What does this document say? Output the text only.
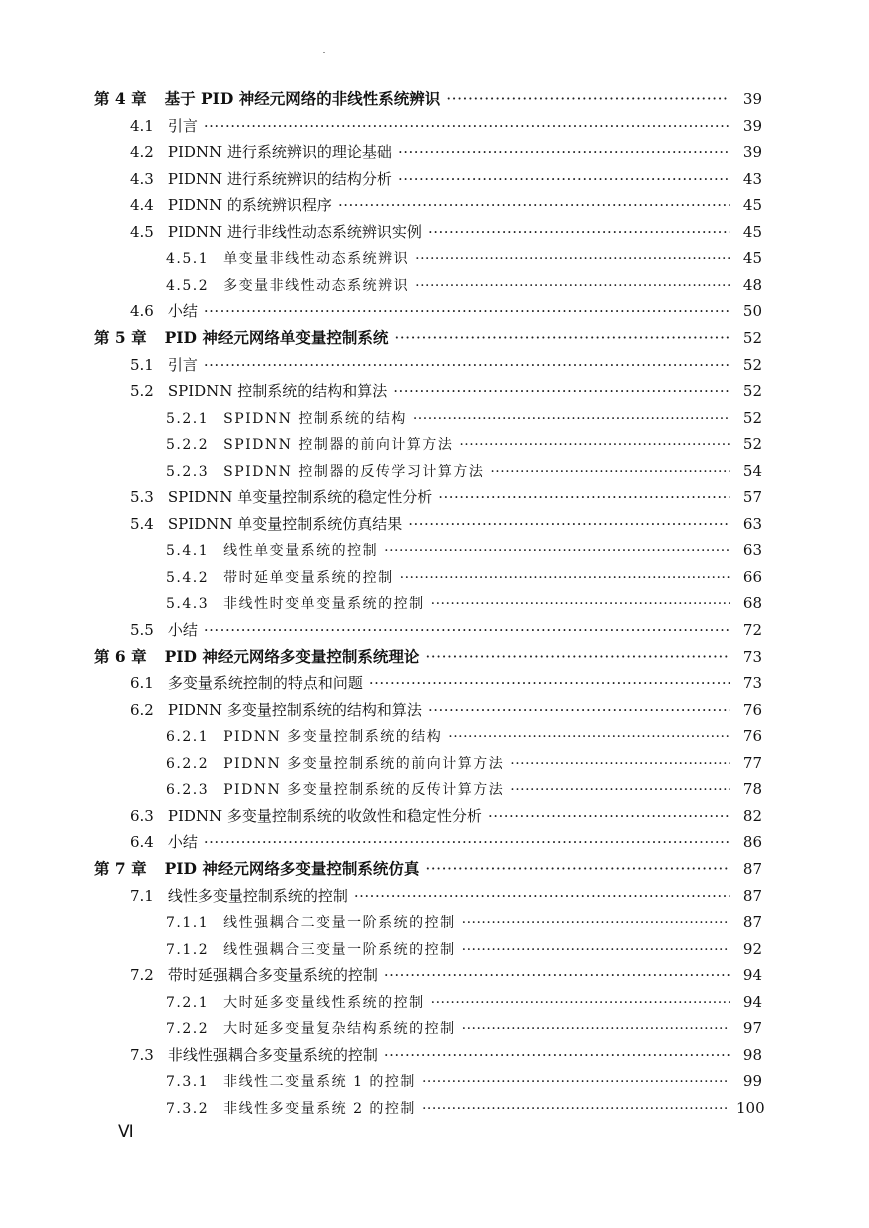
第 4 章 基于 PID 神经元网络的非线性系统辨识 ·····	39
4.1 引言 ·····	39
4.2 PIDNN 进行系统辨识的理论基础 ·····	39
4.3 PIDNN 进行系统辨识的结构分析 ·····	43
4.4 PIDNN 的系统辨识程序 ·····	45
4.5 PIDNN 进行非线性动态系统辨识实例 ·····	45
4.5.1 单变量非线性动态系统辨识 ·····	45
4.5.2 多变量非线性动态系统辨识 ·····	48
4.6 小结 ·····	50
第 5 章 PID 神经元网络单变量控制系统 ·····	52
5.1 引言 ·····	52
5.2 SPIDNN 控制系统的结构和算法 ·····	52
5.2.1 SPIDNN 控制系统的结构 ·····	52
5.2.2 SPIDNN 控制器的前向计算方法 ·····	52
5.2.3 SPIDNN 控制器的反传学习计算方法 ·····	54
5.3 SPIDNN 单变量控制系统的稳定性分析 ·····	57
5.4 SPIDNN 单变量控制系统仿真结果 ·····	63
5.4.1 线性单变量系统的控制 ·····	63
5.4.2 带时延单变量系统的控制 ·····	66
5.4.3 非线性时变单变量系统的控制 ·····	68
5.5 小结 ·····	72
第 6 章 PID 神经元网络多变量控制系统理论 ·····	73
6.1 多变量系统控制的特点和问题 ·····	73
6.2 PIDNN 多变量控制系统的结构和算法 ·····	76
6.2.1 PIDNN 多变量控制系统的结构 ·····	76
6.2.2 PIDNN 多变量控制系统的前向计算方法 ·····	77
6.2.3 PIDNN 多变量控制系统的反传计算方法 ·····	78
6.3 PIDNN 多变量控制系统的收敛性和稳定性分析 ·····	82
6.4 小结 ·····	86
第 7 章 PID 神经元网络多变量控制系统仿真 ·····	87
7.1 线性多变量控制系统的控制 ·····	87
7.1.1 线性强耦合二变量一阶系统的控制 ·····	87
7.1.2 线性强耦合三变量一阶系统的控制 ·····	92
7.2 带时延强耦合多变量系统的控制 ·····	94
7.2.1 大时延多变量线性系统的控制 ·····	94
7.2.2 大时延多变量复杂结构系统的控制 ·····	97
7.3 非线性强耦合多变量系统的控制 ·····	98
7.3.1 非线性二变量系统 1 的控制 ·····	99
7.3.2 非线性多变量系统 2 的控制 ·····	100
Ⅵ
